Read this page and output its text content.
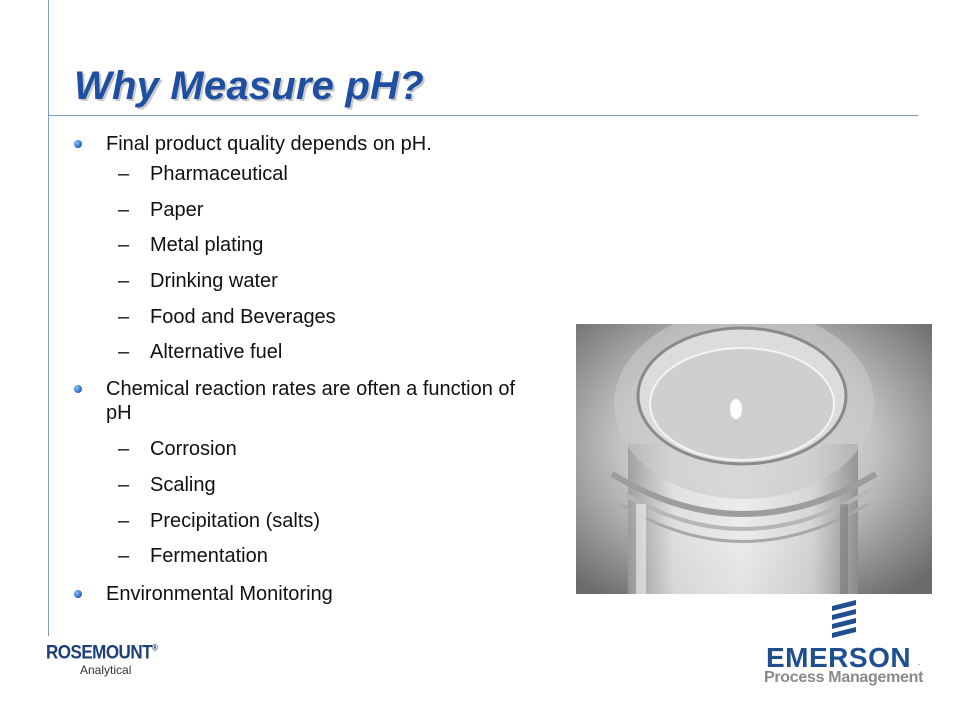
Why Measure pH?
Final product quality depends on pH.
– Pharmaceutical
– Paper
– Metal plating
– Drinking water
– Food and Beverages
– Alternative fuel
Chemical reaction rates are often a function of pH
– Corrosion
– Scaling
– Precipitation (salts)
– Fermentation
Environmental Monitoring
ROSEMOUNT®
Analytical	EMERSON .
Process Management
